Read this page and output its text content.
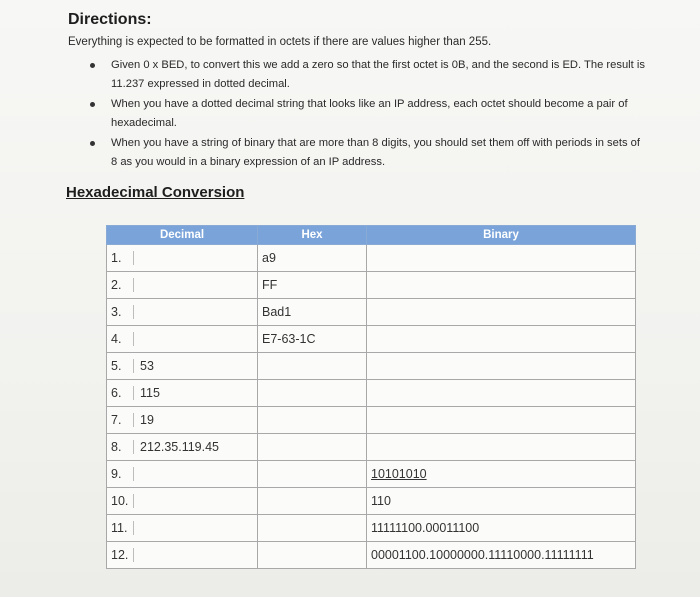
Directions:
Everything is expected to be formatted in octets if there are values higher than 255.
Given 0 x BED, to convert this we add a zero so that the first octet is 0B, and the second is ED. The result is 11.237 expressed in dotted decimal.
When you have a dotted decimal string that looks like an IP address, each octet should become a pair of hexadecimal.
When you have a string of binary that are more than 8 digits, you should set them off with periods in sets of 8 as you would in a binary expression of an IP address.
Hexadecimal Conversion
Decimal	Hex	Binary
1.	a9	
2.	FF	
3.	Bad1	
4.	E7-63-1C	
5. 53		
6. 115		
7. 19		
8. 212.35.119.45		
9.		10101010
10.		110
11.		11111100.00011100
12.		00001100.10000000.11110000.11111111
